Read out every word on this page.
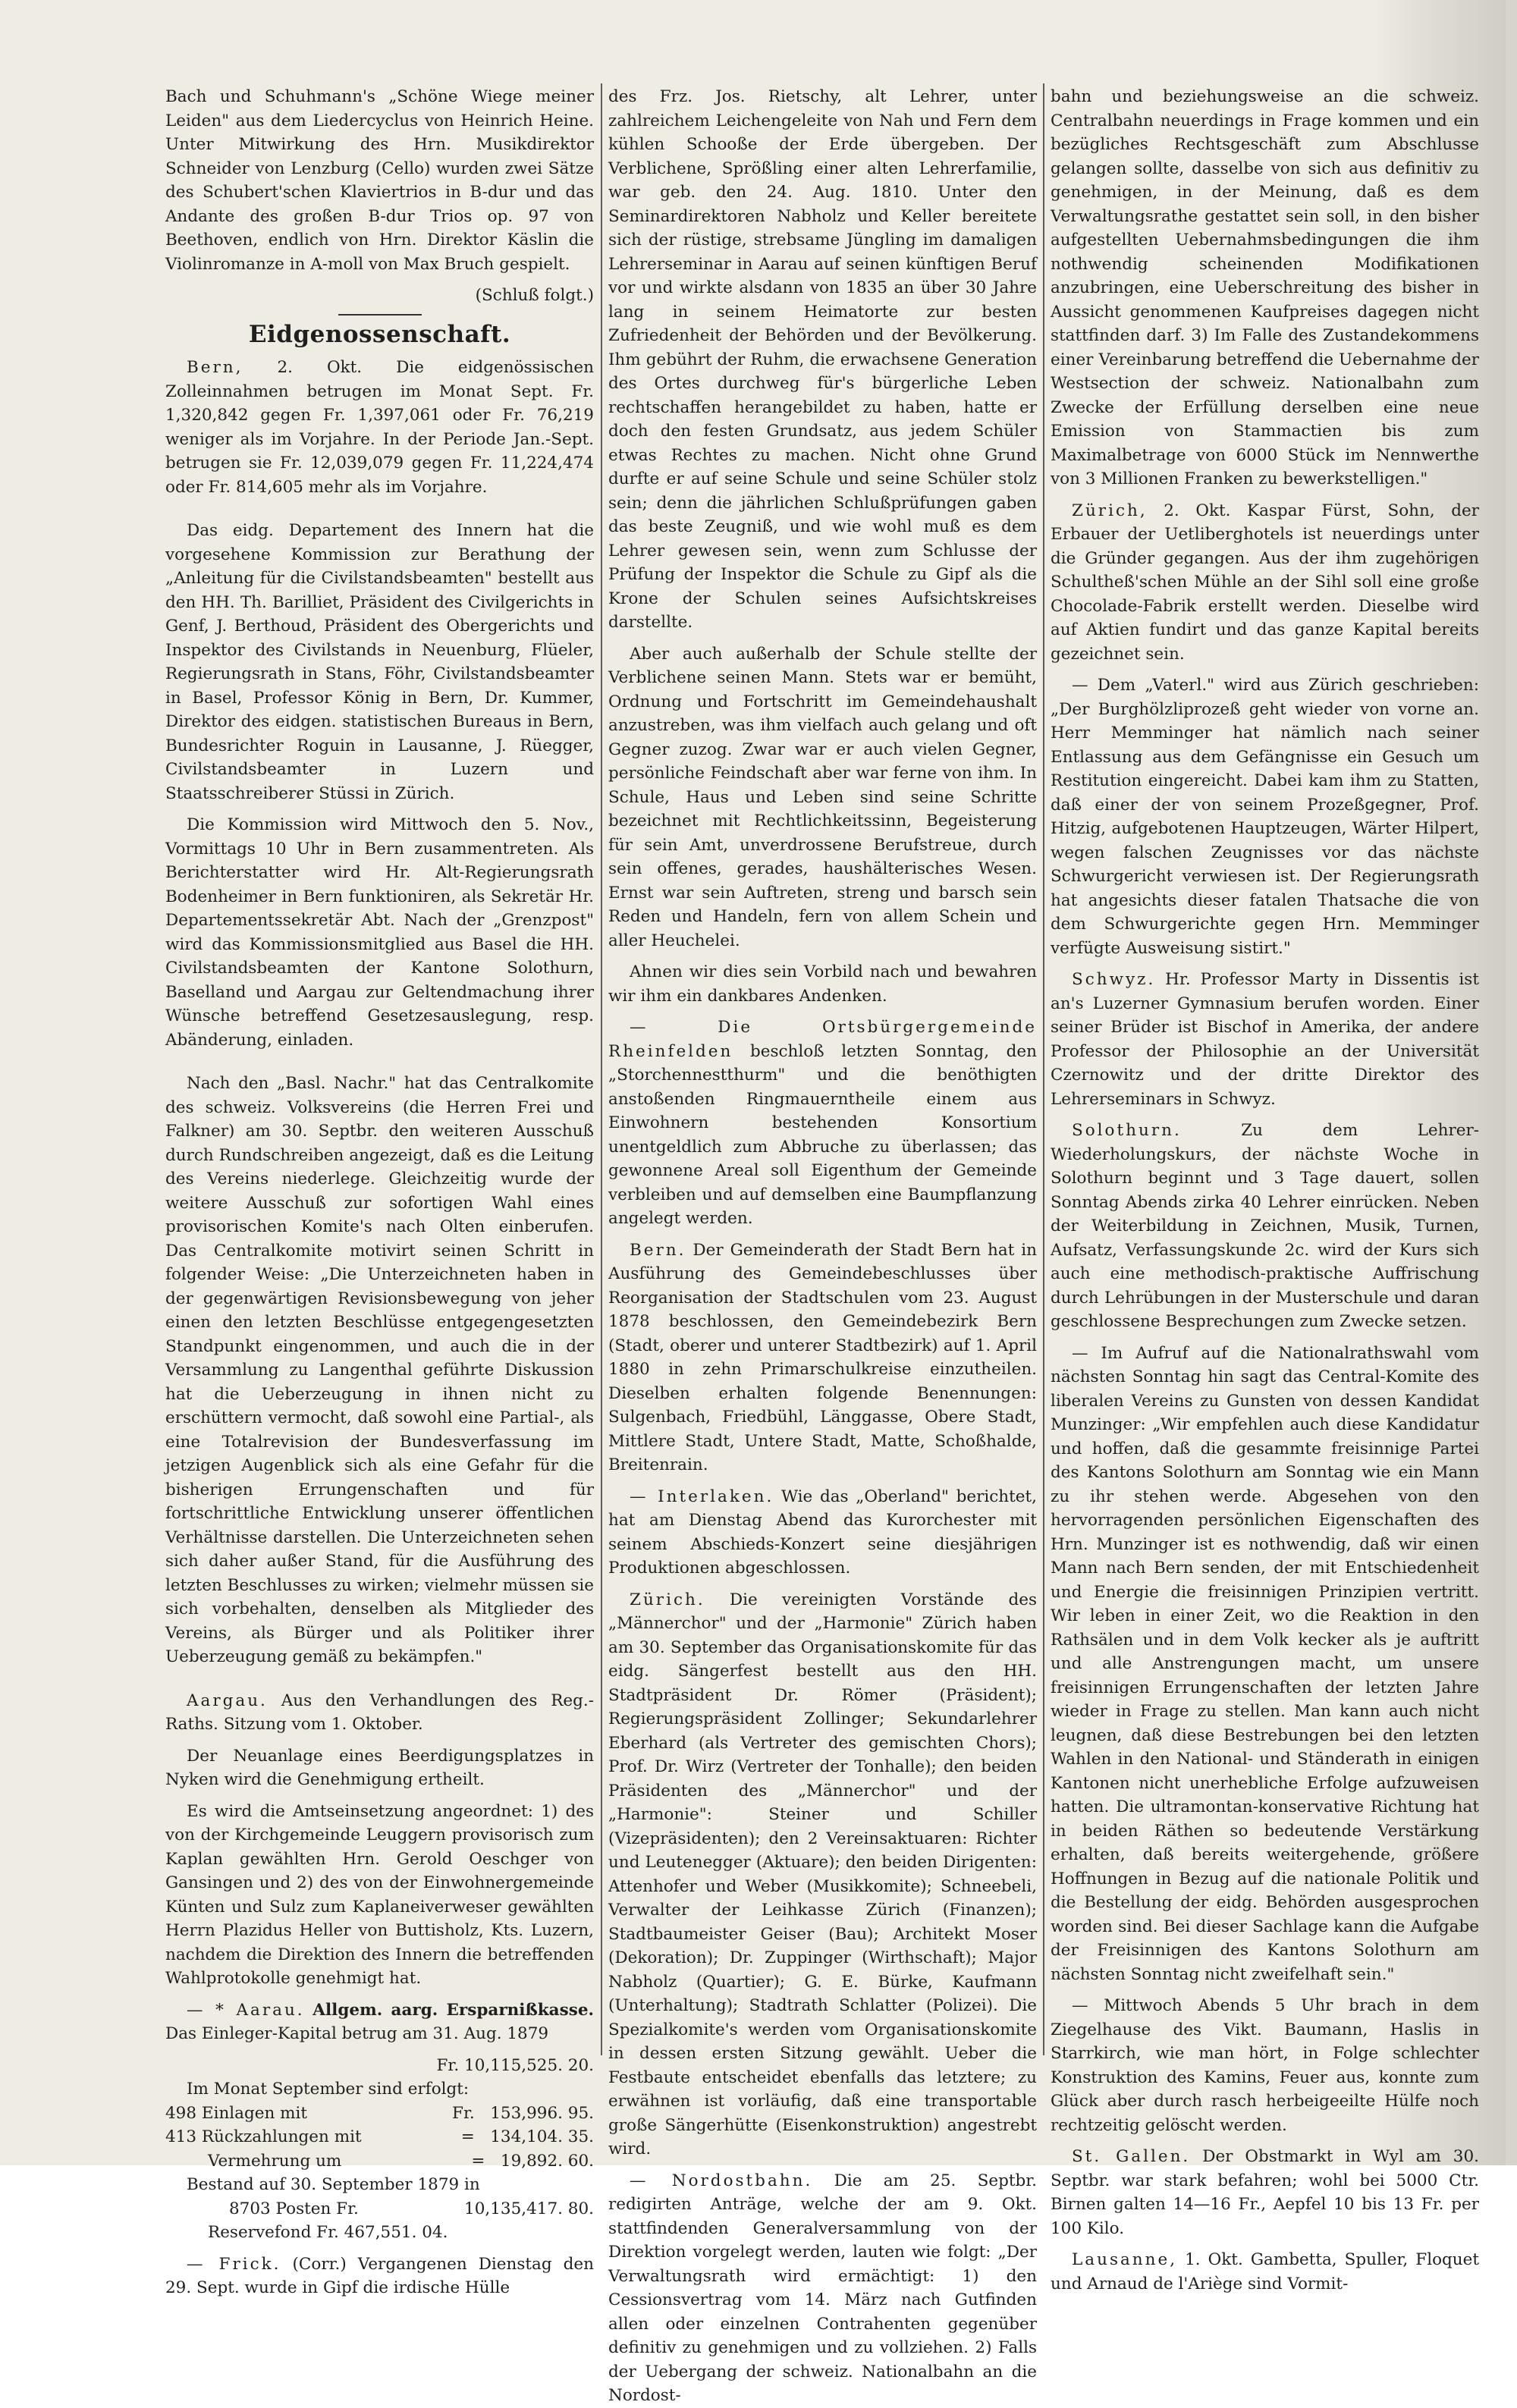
Bach und Schuhmann's „Schöne Wiege meiner Leiden" aus dem Liedercyclus von Heinrich Heine. Unter Mitwirkung des Hrn. Musikdirektor Schneider von Lenzburg (Cello) wurden zwei Sätze des Schubert'schen Klaviertrios in B-dur und das Andante des großen B-dur Trios op. 97 von Beethoven, endlich von Hrn. Direktor Käslin die Violinromanze in A-moll von Max Bruch gespielt.

(Schluß folgt.)

Eidgenossenschaft.

Bern, 2. Okt. Die eidgenössischen Zolleinnahmen betrugen im Monat Sept. Fr. 1,320,842 gegen Fr. 1,397,061 oder Fr. 76,219 weniger als im Vorjahre. In der Periode Jan.-Sept. betrugen sie Fr. 12,039,079 gegen Fr. 11,224,474 oder Fr. 814,605 mehr als im Vorjahre.

Das eidg. Departement des Innern hat die vorgesehene Kommission zur Berathung der „Anleitung für die Civilstandsbeamten" bestellt aus den HH. Th. Barilliet, Präsident des Civilgerichts in Genf, J. Berthoud, Präsident des Obergerichts und Inspektor des Civilstands in Neuenburg, Flüeler, Regierungsrath in Stans, Föhr, Civilstandsbeamter in Basel, Professor König in Bern, Dr. Kummer, Direktor des eidgen. statistischen Bureaus in Bern, Bundesrichter Roguin in Lausanne, J. Rüegger, Civilstandsbeamter in Luzern und Staatsschreiberer Stüssi in Zürich.

Die Kommission wird Mittwoch den 5. Nov., Vormittags 10 Uhr in Bern zusammentreten. Als Berichterstatter wird Hr. Alt-Regierungsrath Bodenheimer in Bern funktioniren, als Sekretär Hr. Departementssekretär Abt. Nach der „Grenzpost" wird das Kommissionsmitglied aus Basel die HH. Civilstandsbeamten der Kantone Solothurn, Baselland und Aargau zur Geltendmachung ihrer Wünsche betreffend Gesetzesauslegung, resp. Abänderung, einladen.

Nach den „Basl. Nachr." hat das Centralkomite des schweiz. Volksvereins (die Herren Frei und Falkner) am 30. Septbr. den weiteren Ausschuß durch Rundschreiben angezeigt, daß es die Leitung des Vereins niederlege. Gleichzeitig wurde der weitere Ausschuß zur sofortigen Wahl eines provisorischen Komite's nach Olten einberufen. Das Centralkomite motivirt seinen Schritt in folgender Weise: „Die Unterzeichneten haben in der gegenwärtigen Revisionsbewegung von jeher einen den letzten Beschlüsse entgegengesetzten Standpunkt eingenommen, und auch die in der Versammlung zu Langenthal geführte Diskussion hat die Ueberzeugung in ihnen nicht zu erschüttern vermocht, daß sowohl eine Partial-, als eine Totalrevision der Bundesverfassung im jetzigen Augenblick sich als eine Gefahr für die bisherigen Errungenschaften und für fortschrittliche Entwicklung unserer öffentlichen Verhältnisse darstellen. Die Unterzeichneten sehen sich daher außer Stand, für die Ausführung des letzten Beschlusses zu wirken; vielmehr müssen sie sich vorbehalten, denselben als Mitglieder des Vereins, als Bürger und als Politiker ihrer Ueberzeugung gemäß zu bekämpfen."

Aargau. Aus den Verhandlungen des Reg.-Raths. Sitzung vom 1. Oktober.

Der Neuanlage eines Beerdigungsplatzes in Nyken wird die Genehmigung ertheilt.

Es wird die Amtseinsetzung angeordnet: 1) des von der Kirchgemeinde Leuggern provisorisch zum Kaplan gewählten Hrn. Gerold Oeschger von Gansingen und 2) des von der Einwohnergemeinde Künten und Sulz zum Kaplaneiverweser gewählten Herrn Plazidus Heller von Buttisholz, Kts. Luzern, nachdem die Direktion des Innern die betreffenden Wahlprotokolle genehmigt hat.

— * Aarau. Allgem. aarg. Ersparnißkasse. Das Einleger-Kapital betrug am 31. Aug. 1879

Fr. 10,115,525. 20.
Im Monat September sind erfolgt:
498 Einlagen mit	Fr. 153,996. 95.
413 Rückzahlungen mit	= 134,104. 35.
Vermehrung um	= 19,892. 60.
Bestand auf 30. September 1879 in
8703 Posten Fr.	10,135,417. 80.
Reservefond Fr. 467,551. 04.

— Frick. (Corr.) Vergangenen Dienstag den 29. Sept. wurde in Gipf die irdische Hülle

des Frz. Jos. Rietschy, alt Lehrer, unter zahlreichem Leichengeleite von Nah und Fern dem kühlen Schooße der Erde übergeben. Der Verblichene, Sprößling einer alten Lehrerfamilie, war geb. den 24. Aug. 1810. Unter den Seminardirektoren Nabholz und Keller bereitete sich der rüstige, strebsame Jüngling im damaligen Lehrerseminar in Aarau auf seinen künftigen Beruf vor und wirkte alsdann von 1835 an über 30 Jahre lang in seinem Heimatorte zur besten Zufriedenheit der Behörden und der Bevölkerung. Ihm gebührt der Ruhm, die erwachsene Generation des Ortes durchweg für's bürgerliche Leben rechtschaffen herangebildet zu haben, hatte er doch den festen Grundsatz, aus jedem Schüler etwas Rechtes zu machen. Nicht ohne Grund durfte er auf seine Schule und seine Schüler stolz sein; denn die jährlichen Schlußprüfungen gaben das beste Zeugniß, und wie wohl muß es dem Lehrer gewesen sein, wenn zum Schlusse der Prüfung der Inspektor die Schule zu Gipf als die Krone der Schulen seines Aufsichtskreises darstellte.

Aber auch außerhalb der Schule stellte der Verblichene seinen Mann. Stets war er bemüht, Ordnung und Fortschritt im Gemeindehaushalt anzustreben, was ihm vielfach auch gelang und oft Gegner zuzog. Zwar war er auch vielen Gegner, persönliche Feindschaft aber war ferne von ihm. In Schule, Haus und Leben sind seine Schritte bezeichnet mit Rechtlichkeitssinn, Begeisterung für sein Amt, unverdrossene Berufstreue, durch sein offenes, gerades, haushälterisches Wesen. Ernst war sein Auftreten, streng und barsch sein Reden und Handeln, fern von allem Schein und aller Heuchelei.

Ahnen wir dies sein Vorbild nach und bewahren wir ihm ein dankbares Andenken.

— Die Ortsbürgergemeinde Rheinfelden beschloß letzten Sonntag, den „Storchennestthurm" und die benöthigten anstoßenden Ringmauerntheile einem aus Einwohnern bestehenden Konsortium unentgeldlich zum Abbruche zu überlassen; das gewonnene Areal soll Eigenthum der Gemeinde verbleiben und auf demselben eine Baumpflanzung angelegt werden.

Bern. Der Gemeinderath der Stadt Bern hat in Ausführung des Gemeindebeschlusses über Reorganisation der Stadtschulen vom 23. August 1878 beschlossen, den Gemeindebezirk Bern (Stadt, oberer und unterer Stadtbezirk) auf 1. April 1880 in zehn Primarschulkreise einzutheilen. Dieselben erhalten folgende Benennungen: Sulgenbach, Friedbühl, Länggasse, Obere Stadt, Mittlere Stadt, Untere Stadt, Matte, Schoßhalde, Breitenrain.

— Interlaken. Wie das „Oberland" berichtet, hat am Dienstag Abend das Kurorchester mit seinem Abschieds-Konzert seine diesjährigen Produktionen abgeschlossen.

Zürich. Die vereinigten Vorstände des „Männerchor" und der „Harmonie" Zürich haben am 30. September das Organisationskomite für das eidg. Sängerfest bestellt aus den HH. Stadtpräsident Dr. Römer (Präsident); Regierungspräsident Zollinger; Sekundarlehrer Eberhard (als Vertreter des gemischten Chors); Prof. Dr. Wirz (Vertreter der Tonhalle); den beiden Präsidenten des „Männerchor" und der „Harmonie": Steiner und Schiller (Vizepräsidenten); den 2 Vereinsaktuaren: Richter und Leutenegger (Aktuare); den beiden Dirigenten: Attenhofer und Weber (Musikkomite); Schneebeli, Verwalter der Leihkasse Zürich (Finanzen); Stadtbaumeister Geiser (Bau); Architekt Moser (Dekoration); Dr. Zuppinger (Wirthschaft); Major Nabholz (Quartier); G. E. Bürke, Kaufmann (Unterhaltung); Stadtrath Schlatter (Polizei). Die Spezialkomite's werden vom Organisationskomite in dessen ersten Sitzung gewählt. Ueber die Festbaute entscheidet ebenfalls das letztere; zu erwähnen ist vorläufig, daß eine transportable große Sängerhütte (Eisenkonstruktion) angestrebt wird.

— Nordostbahn. Die am 25. Septbr. redigirten Anträge, welche der am 9. Okt. stattfindenden Generalversammlung von der Direktion vorgelegt werden, lauten wie folgt: „Der Verwaltungsrath wird ermächtigt: 1) den Cessionsvertrag vom 14. März nach Gutfinden allen oder einzelnen Contrahenten gegenüber definitiv zu genehmigen und zu vollziehen. 2) Falls der Uebergang der schweiz. Nationalbahn an die Nordost-

bahn und beziehungsweise an die schweiz. Centralbahn neuerdings in Frage kommen und ein bezügliches Rechtsgeschäft zum Abschlusse gelangen sollte, dasselbe von sich aus definitiv zu genehmigen, in der Meinung, daß es dem Verwaltungsrathe gestattet sein soll, in den bisher aufgestellten Uebernahmsbedingungen die ihm nothwendig scheinenden Modifikationen anzubringen, eine Ueberschreitung des bisher in Aussicht genommenen Kaufpreises dagegen nicht stattfinden darf. 3) Im Falle des Zustandekommens einer Vereinbarung betreffend die Uebernahme der Westsection der schweiz. Nationalbahn zum Zwecke der Erfüllung derselben eine neue Emission von Stammactien bis zum Maximalbetrage von 6000 Stück im Nennwerthe von 3 Millionen Franken zu bewerkstelligen."

Zürich, 2. Okt. Kaspar Fürst, Sohn, der Erbauer der Uetliberghotels ist neuerdings unter die Gründer gegangen. Aus der ihm zugehörigen Schultheß'schen Mühle an der Sihl soll eine große Chocolade-Fabrik erstellt werden. Dieselbe wird auf Aktien fundirt und das ganze Kapital bereits gezeichnet sein.

— Dem „Vaterl." wird aus Zürich geschrieben: „Der Burghölzliprozeß geht wieder von vorne an. Herr Memminger hat nämlich nach seiner Entlassung aus dem Gefängnisse ein Gesuch um Restitution eingereicht. Dabei kam ihm zu Statten, daß einer der von seinem Prozeßgegner, Prof. Hitzig, aufgebotenen Hauptzeugen, Wärter Hilpert, wegen falschen Zeugnisses vor das nächste Schwurgericht verwiesen ist. Der Regierungsrath hat angesichts dieser fatalen Thatsache die von dem Schwurgerichte gegen Hrn. Memminger verfügte Ausweisung sistirt."

Schwyz. Hr. Professor Marty in Dissentis ist an's Luzerner Gymnasium berufen worden. Einer seiner Brüder ist Bischof in Amerika, der andere Professor der Philosophie an der Universität Czernowitz und der dritte Direktor des Lehrerseminars in Schwyz.

Solothurn.	Zu dem Lehrer-Wiederholungskurs, der nächste Woche in Solothurn beginnt und 3 Tage dauert, sollen Sonntag Abends zirka 40 Lehrer einrücken. Neben der Weiterbildung in Zeichnen, Musik, Turnen, Aufsatz, Verfassungskunde 2c. wird der Kurs sich auch eine methodisch-praktische Auffrischung durch Lehrübungen in der Musterschule und daran geschlossene Besprechungen zum Zwecke setzen.

— Im Aufruf auf die Nationalrathswahl vom nächsten Sonntag hin sagt das Central-Komite des liberalen Vereins zu Gunsten von dessen Kandidat Munzinger: „Wir empfehlen auch diese Kandidatur und hoffen, daß die gesammte freisinnige Partei des Kantons Solothurn am Sonntag wie ein Mann zu ihr stehen werde. Abgesehen von den hervorragenden persönlichen Eigenschaften des Hrn. Munzinger ist es nothwendig, daß wir einen Mann nach Bern senden, der mit Entschiedenheit und Energie die freisinnigen Prinzipien vertritt. Wir leben in einer Zeit, wo die Reaktion in den Rathsälen und in dem Volk kecker als je auftritt und alle Anstrengungen macht, um unsere freisinnigen Errungenschaften der letzten Jahre wieder in Frage zu stellen. Man kann auch nicht leugnen, daß diese Bestrebungen bei den letzten Wahlen in den National- und Ständerath in einigen Kantonen nicht unerhebliche Erfolge aufzuweisen hatten. Die ultramontan-konservative Richtung hat in beiden Räthen so bedeutende Verstärkung erhalten, daß bereits weitergehende, größere Hoffnungen in Bezug auf die nationale Politik und die Bestellung der eidg. Behörden ausgesprochen worden sind. Bei dieser Sachlage kann die Aufgabe der Freisinnigen des Kantons Solothurn am nächsten Sonntag nicht zweifelhaft sein."

— Mittwoch Abends 5 Uhr brach in dem Ziegelhause des Vikt. Baumann, Haslis in Starrkirch, wie man hört, in Folge schlechter Konstruktion des Kamins, Feuer aus, konnte zum Glück aber durch rasch herbeigeeilte Hülfe noch rechtzeitig gelöscht werden.

St. Gallen. Der Obstmarkt in Wyl am 30. Septbr. war stark befahren; wohl bei 5000 Ctr. Birnen galten 14—16 Fr., Aepfel 10 bis 13 Fr. per 100 Kilo.

Lausanne, 1. Okt. Gambetta, Spuller, Floquet und Arnaud de l'Ariège sind Vormit-
